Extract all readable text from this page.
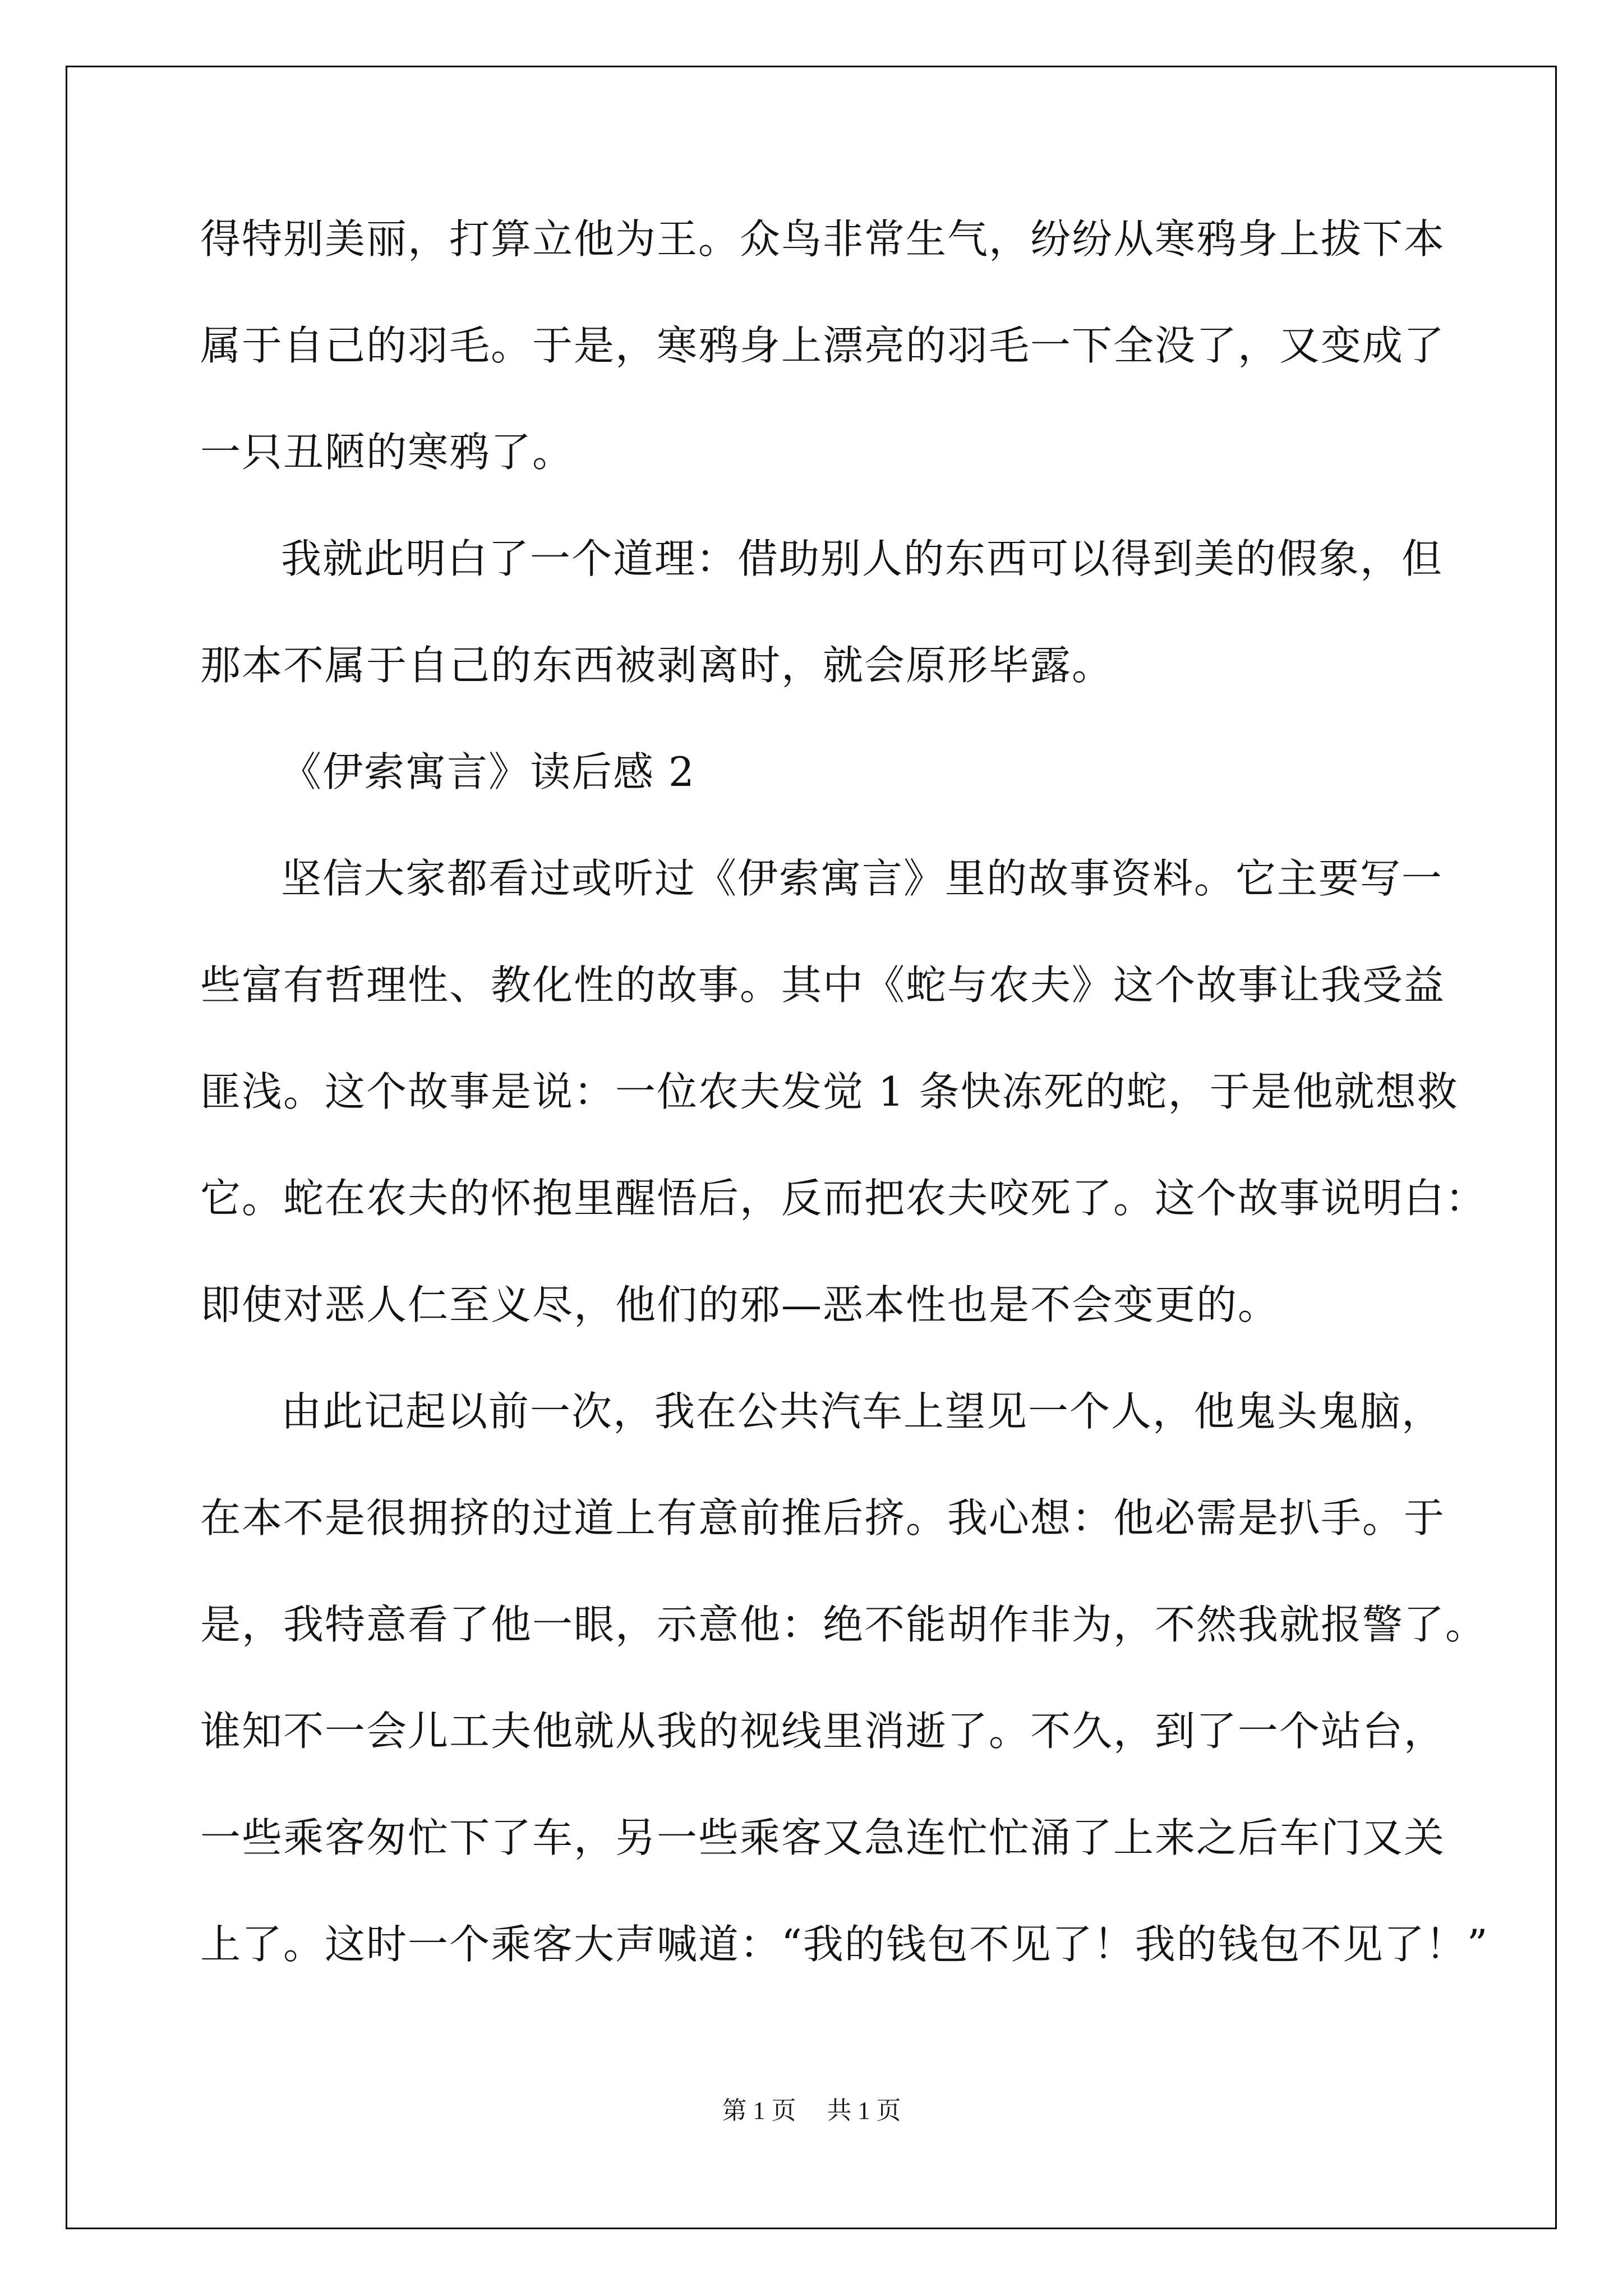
得特别美丽，打算立他为王。众鸟非常生气，纷纷从寒鸦身上拔下本
属于自己的羽毛。于是，寒鸦身上漂亮的羽毛一下全没了，又变成了
一只丑陋的寒鸦了。
我就此明白了一个道理：借助别人的东西可以得到美的假象，但
那本不属于自己的东西被剥离时，就会原形毕露。
《伊索寓言》读后感 2
坚信大家都看过或听过《伊索寓言》里的故事资料。它主要写一
些富有哲理性、教化性的故事。其中《蛇与农夫》这个故事让我受益
匪浅。这个故事是说：一位农夫发觉 1 条快冻死的蛇，于是他就想救
它。蛇在农夫的怀抱里醒悟后，反而把农夫咬死了。这个故事说明白：
即使对恶人仁至义尽，他们的邪—恶本性也是不会变更的。
由此记起以前一次，我在公共汽车上望见一个人，他鬼头鬼脑，
在本不是很拥挤的过道上有意前推后挤。我心想：他必需是扒手。于
是，我特意看了他一眼，示意他：绝不能胡作非为，不然我就报警了。
谁知不一会儿工夫他就从我的视线里消逝了。不久，到了一个站台，
一些乘客匆忙下了车，另一些乘客又急连忙忙涌了上来之后车门又关
上了。这时一个乘客大声喊道：“我的钱包不见了！我的钱包不见了！”
第 1 页 共 1 页
